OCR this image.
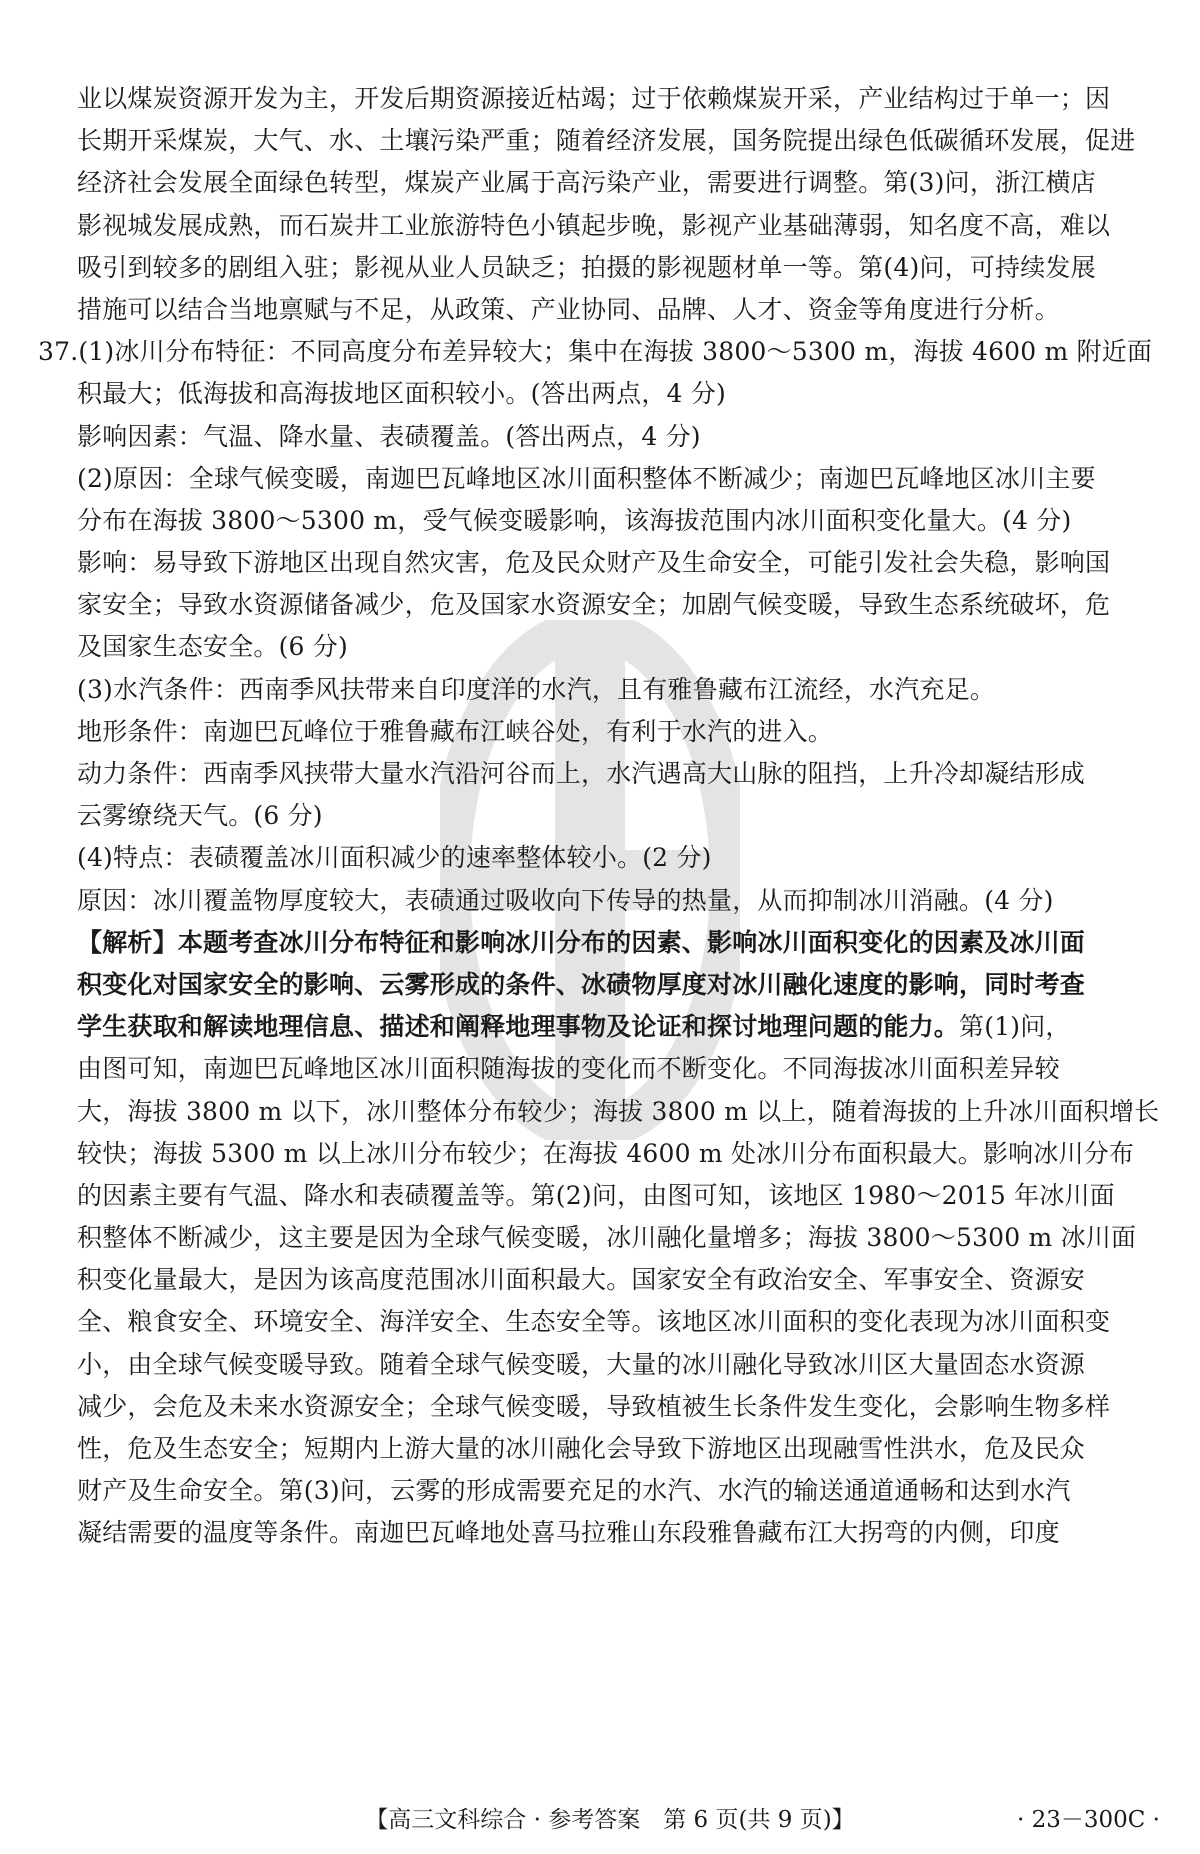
业以煤炭资源开发为主，开发后期资源接近枯竭；过于依赖煤炭开采，产业结构过于单一；因
长期开采煤炭，大气、水、土壤污染严重；随着经济发展，国务院提出绿色低碳循环发展，促进
经济社会发展全面绿色转型，煤炭产业属于高污染产业，需要进行调整。第(3)问，浙江横店
影视城发展成熟，而石炭井工业旅游特色小镇起步晚，影视产业基础薄弱，知名度不高，难以
吸引到较多的剧组入驻；影视从业人员缺乏；拍摄的影视题材单一等。第(4)问，可持续发展
措施可以结合当地禀赋与不足，从政策、产业协同、品牌、人才、资金等角度进行分析。
37.(1)冰川分布特征：不同高度分布差异较大；集中在海拔 3800～5300 m，海拔 4600 m 附近面
积最大；低海拔和高海拔地区面积较小。(答出两点，4 分)
影响因素：气温、降水量、表碛覆盖。(答出两点，4 分)
(2)原因：全球气候变暖，南迦巴瓦峰地区冰川面积整体不断减少；南迦巴瓦峰地区冰川主要
分布在海拔 3800～5300 m，受气候变暖影响，该海拔范围内冰川面积变化量大。(4 分)
影响：易导致下游地区出现自然灾害，危及民众财产及生命安全，可能引发社会失稳，影响国
家安全；导致水资源储备减少，危及国家水资源安全；加剧气候变暖，导致生态系统破坏，危
及国家生态安全。(6 分)
(3)水汽条件：西南季风扶带来自印度洋的水汽，且有雅鲁藏布江流经，水汽充足。
地形条件：南迦巴瓦峰位于雅鲁藏布江峡谷处，有利于水汽的进入。
动力条件：西南季风挟带大量水汽沿河谷而上，水汽遇高大山脉的阻挡，上升冷却凝结形成
云雾缭绕天气。(6 分)
(4)特点：表碛覆盖冰川面积减少的速率整体较小。(2 分)
原因：冰川覆盖物厚度较大，表碛通过吸收向下传导的热量，从而抑制冰川消融。(4 分)
【解析】本题考查冰川分布特征和影响冰川分布的因素、影响冰川面积变化的因素及冰川面
积变化对国家安全的影响、云雾形成的条件、冰碛物厚度对冰川融化速度的影响，同时考查
学生获取和解读地理信息、描述和阐释地理事物及论证和探讨地理问题的能力。第(1)问，
由图可知，南迦巴瓦峰地区冰川面积随海拔的变化而不断变化。不同海拔冰川面积差异较
大，海拔 3800 m 以下，冰川整体分布较少；海拔 3800 m 以上，随着海拔的上升冰川面积增长
较快；海拔 5300 m 以上冰川分布较少；在海拔 4600 m 处冰川分布面积最大。影响冰川分布
的因素主要有气温、降水和表碛覆盖等。第(2)问，由图可知，该地区 1980～2015 年冰川面
积整体不断减少，这主要是因为全球气候变暖，冰川融化量增多；海拔 3800～5300 m 冰川面
积变化量最大，是因为该高度范围冰川面积最大。国家安全有政治安全、军事安全、资源安
全、粮食安全、环境安全、海洋安全、生态安全等。该地区冰川面积的变化表现为冰川面积变
小，由全球气候变暖导致。随着全球气候变暖，大量的冰川融化导致冰川区大量固态水资源
减少，会危及未来水资源安全；全球气候变暖，导致植被生长条件发生变化，会影响生物多样
性，危及生态安全；短期内上游大量的冰川融化会导致下游地区出现融雪性洪水，危及民众
财产及生命安全。第(3)问，云雾的形成需要充足的水汽、水汽的输送通道通畅和达到水汽
凝结需要的温度等条件。南迦巴瓦峰地处喜马拉雅山东段雅鲁藏布江大拐弯的内侧，印度
【高三文科综合 · 参考答案　第 6 页(共 9 页)】	· 23－300C ·
